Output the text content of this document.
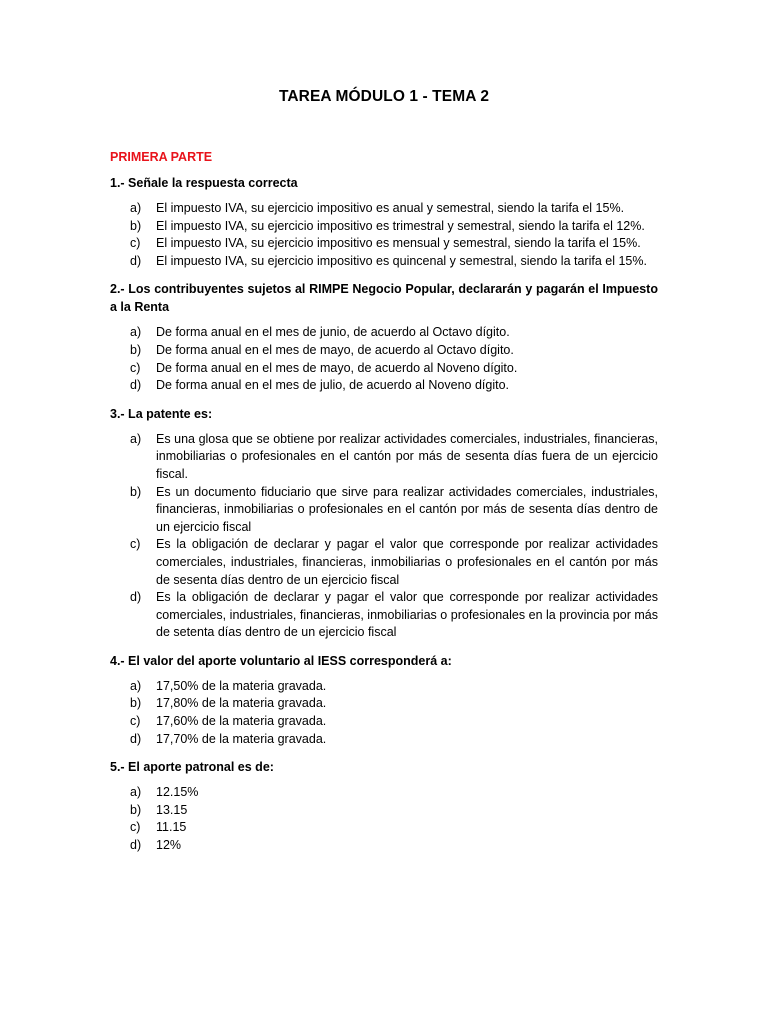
TAREA MÓDULO 1 - TEMA 2
PRIMERA PARTE
1.- Señale la respuesta correcta
a)	El impuesto IVA, su ejercicio impositivo es anual y semestral, siendo la tarifa el 15%.
b)	El impuesto IVA, su ejercicio impositivo es trimestral y semestral, siendo la tarifa el 12%.
c)	El impuesto IVA, su ejercicio impositivo es mensual y semestral, siendo la tarifa el 15%.
d)	El impuesto IVA, su ejercicio impositivo es quincenal y semestral, siendo la tarifa el 15%.
2.- Los contribuyentes sujetos al RIMPE Negocio Popular, declararán y pagarán el Impuesto a la Renta
a)	De forma anual en el mes de junio, de acuerdo al Octavo dígito.
b)	De forma anual en el mes de mayo, de acuerdo al Octavo dígito.
c)	De forma anual en el mes de mayo, de acuerdo al Noveno dígito.
d)	De forma anual en el mes de julio, de acuerdo al Noveno dígito.
3.- La patente es:
a)	Es una glosa que se obtiene por realizar actividades comerciales, industriales, financieras, inmobiliarias o profesionales en el cantón por más de sesenta días fuera de un ejercicio fiscal.
b)	Es un documento fiduciario que sirve para realizar actividades comerciales, industriales, financieras, inmobiliarias o profesionales en el cantón por más de sesenta días dentro de un ejercicio fiscal
c)	Es la obligación de declarar y pagar el valor que corresponde por realizar actividades comerciales, industriales, financieras, inmobiliarias o profesionales en el cantón por más de sesenta días dentro de un ejercicio fiscal
d)	Es la obligación de declarar y pagar el valor que corresponde por realizar actividades comerciales, industriales, financieras, inmobiliarias o profesionales en la provincia por más de setenta días dentro de un ejercicio fiscal
4.- El valor del aporte voluntario al IESS corresponderá a:
a)	17,50% de la materia gravada.
b)	17,80% de la materia gravada.
c)	17,60% de la materia gravada.
d)	17,70% de la materia gravada.
5.- El aporte patronal es de:
a)	12.15%
b)	13.15
c)	11.15
d)	12%
